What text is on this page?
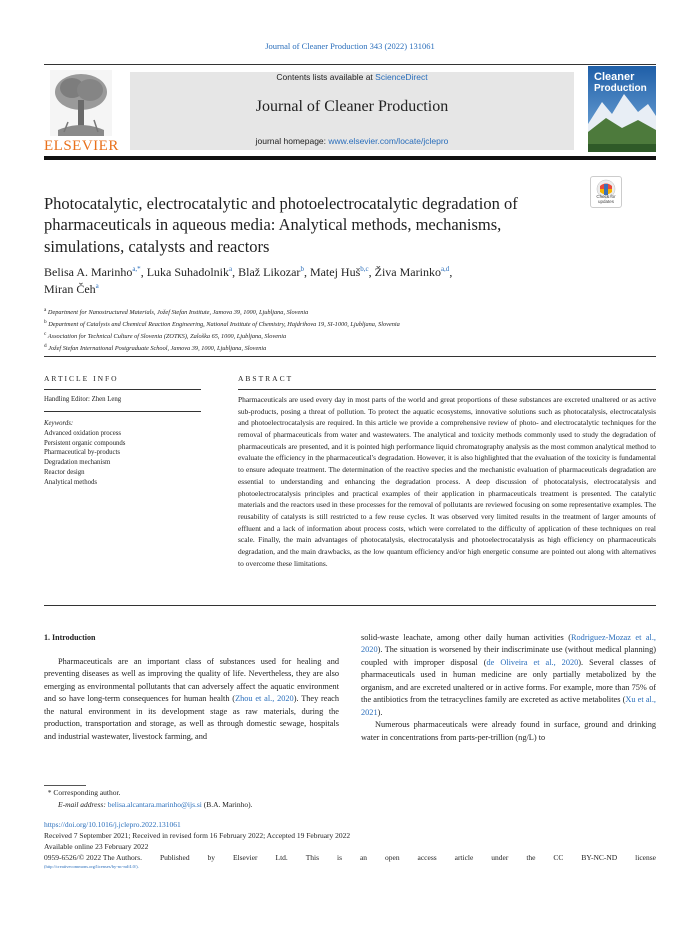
Journal of Cleaner Production 343 (2022) 131061
ELSEVIER
Contents lists available at ScienceDirect
Journal of Cleaner Production
journal homepage: www.elsevier.com/locate/jclepro
Cleaner
Production
Check for
updates
Photocatalytic, electrocatalytic and photoelectrocatalytic degradation of pharmaceuticals in aqueous media: Analytical methods, mechanisms, simulations, catalysts and reactors
Belisa A. Marinho$^{a,*}$, Luka Suhadolnik$^a$, Blaž Likozar$^b$, Matej Huš$^{b,c}$, Živa Marinko$^{a,d}$,
Miran Čeh$^a$
$^a$ Department for Nanostructured Materials, Jožef Stefan Institute, Jamova 39, 1000, Ljubljana, Slovenia
$^b$ Department of Catalysis and Chemical Reaction Engineering, National Institute of Chemistry, Hajdrihova 19, SI-1000, Ljubljana, Slovenia
$^c$ Association for Technical Culture of Slovenia (ZOTKS), Zaloška 65, 1000, Ljubljana, Slovenia
$^d$ Jožef Stefan International Postgraduate School, Jamova 39, 1000, Ljubljana, Slovenia
ARTICLE INFO	ABSTRACT
Handling Editor: Zhen Leng
Keywords:
Advanced oxidation process
Persistent organic compounds
Pharmaceutical by-products
Degradation mechanism
Reactor design
Analytical methods
Pharmaceuticals are used every day in most parts of the world and great proportions of these substances are excreted unaltered or as active sub-products, posing a threat of pollution. To protect the aquatic ecosystems, innovative solutions such as photocatalysis, electrocatalysis and photoelectrocatalysis are required. In this article we provide a comprehensive review of photo- and electrocatalytic techniques for the removal of pharmaceuticals from water and wastewaters. The analytical and toxicity methods commonly used to study the degradation of pharmaceuticals are presented, and it is pointed high performance liquid chromatography analysis as the most common analytical method to evaluate the efficiency in the pharmaceutical's degradation. However, it is also highlighted that the evaluation of the toxicity is fundamental to ensure adequate treatment. The determination of the reactive species and the mechanistic evaluation of pharmaceuticals degradation are essential to understanding and enhancing the degradation process. A deep discussion of photocatalysis, electrocatalysis and photoelectrocatalysis principles and practical examples of their application in pharmaceuticals treatment is presented. The catalytic materials and the reactors used in these processes for the removal of pollutants are reviewed focusing on some representative examples. The reusability of catalysts is still restricted to a few reuse cycles. It was observed very limited results in the treatment of larger amounts of effluent and a lack of information about process costs, which were correlated to the difficulty of application of these techniques on real scale. Finally, the main advantages of photocatalysis, electrocatalysis and photoelectrocatalysis as high efficiency on pharmaceuticals degradation, and the main drawbacks, as the low quantum efficiency and/or high energetic consume are pointed out along with alternatives to overcome these limitations.
1. Introduction

Pharmaceuticals are an important class of substances used for healing and preventing diseases as well as improving the quality of life. Nevertheless, they are also emerging as environmental pollutants that can adversely affect the aquatic environment and so have long-term consequences for human health (Zhou et al., 2020). They reach the natural environment in its development stage as raw materials, during the production, transportation and storage, as well as through domestic sewage, hospitals and industrial wastewater, livestock farming, and

solid-waste leachate, among other daily human activities (Rodriguez-Mozaz et al., 2020). The situation is worsened by their indiscriminate use (without medical planning) coupled with improper disposal (de Oliveira et al., 2020). Several classes of pharmaceuticals used in human medicine are only partially metabolized by the organism, and are excreted unaltered or in active forms. For example, more than 75% of the antibiotics from the tetracyclines family are excreted as active metabolites (Xu et al., 2021).

Numerous pharmaceuticals were already found in surface, ground and drinking water in concentrations from parts-per-trillion (ng/L) to

* Corresponding author.
E-mail address: belisa.alcantara.marinho@ijs.si (B.A. Marinho).
https://doi.org/10.1016/j.jclepro.2022.131061
Received 7 September 2021; Received in revised form 16 February 2022; Accepted 19 February 2022
Available online 23 February 2022
0959-6526/© 2022 The Authors. Published by Elsevier Ltd. This is an open access article under the CC BY-NC-ND license
(http://creativecommons.org/licenses/by-nc-nd/4.0/).
